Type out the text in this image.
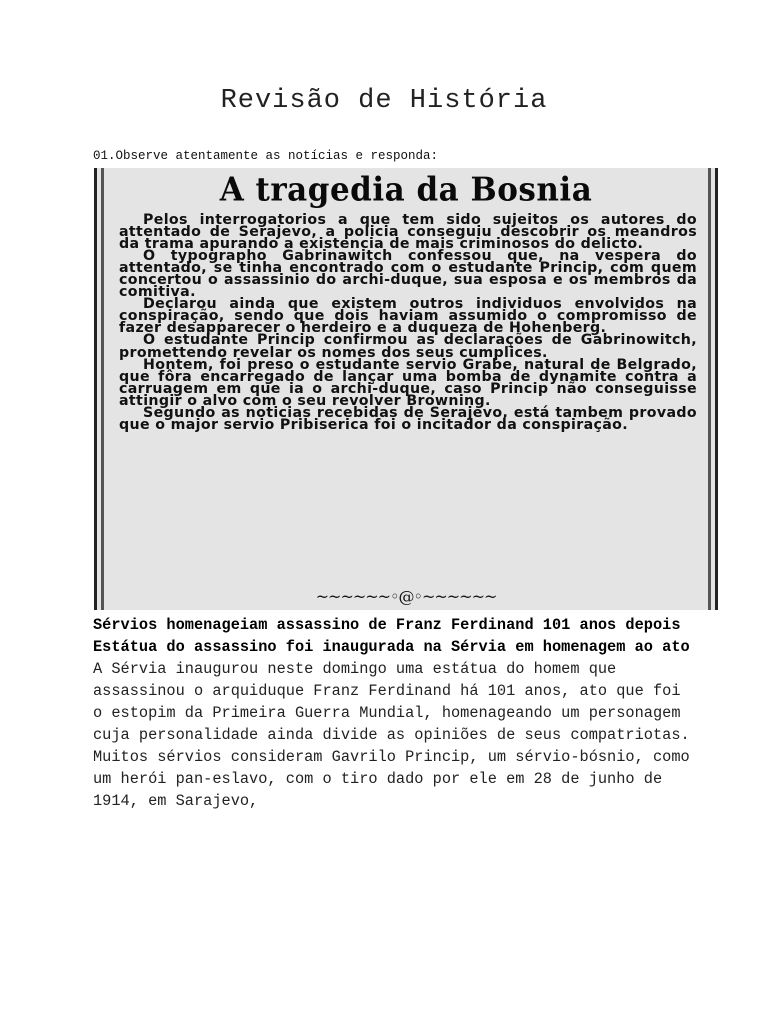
Revisão de História
01.Observe atentamente as notícias e responda:
A tragedia da Bosnia

Pelos interrogatorios a que tem sido sujeitos os autores do attentado de Serajevo, a policia conseguiu descobrir os meandros da trama apurando a existencia de mais criminosos do delicto.

O typographo Gabrinawitch confessou que, na vespera do attentado, se tinha encontrado com o estudante Princip, com quem concertou o assassinio do archi-duque, sua esposa e os membros da comitiva.

Declarou ainda que existem outros individuos envolvidos na conspiração, sendo que dois haviam assumido o compromisso de fazer desapparecer o herdeiro e a duqueza de Hohenberg.

O estudante Princip confirmou as declarações de Gabrinowitch, promettendo revelar os nomes dos seus cumplices.

Hontem, foi preso o estudante servio Grabe, natural de Belgrado, que fôra encarregado de lançar uma bomba de dynamite contra a carruagem em que ia o archi-duque, caso Princip não conseguisse attingir o alvo com o seu revolver Browning.

Segundo as noticias recebidas de Serajevo, está tambem provado que o major servio Pribiserica foi o incitador da conspiração.

~~~~~~◦@◦~~~~~~
Sérvios homenageiam assassino de Franz Ferdinand 101 anos depois
Estátua do assassino foi inaugurada na Sérvia em homenagem ao ato
A Sérvia inaugurou neste domingo uma estátua do homem que assassinou o arquiduque Franz Ferdinand há 101 anos, ato que foi o estopim da Primeira Guerra Mundial, homenageando um personagem cuja personalidade ainda divide as opiniões de seus compatriotas.
Muitos sérvios consideram Gavrilo Princip, um sérvio-bósnio, como um herói pan-eslavo, com o tiro dado por ele em 28 de junho de 1914, em Sarajevo,
